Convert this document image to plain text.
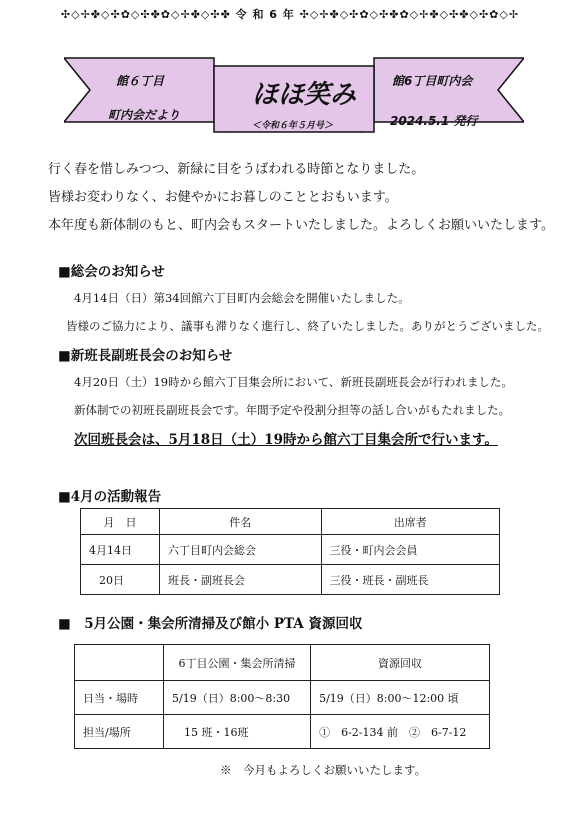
✣◇✢✤◇✣✿◇✣✤✿◇✢✤◇✣✤ 令 和 6 年 ✣◇✢✤◇✣✿◇✣✤✿◇✢✤◇✣✤◇✣✿◇✢
館６丁目
町内会だより
ほほ笑み
＜令和６年５月号＞
館6丁目町内会
2024.5.1 発行
行く春を惜しみつつ、新緑に目をうばわれる時節となりました。
皆様お変わりなく、お健やかにお暮しのこととおもいます。
本年度も新体制のもと、町内会もスタートいたしました。よろしくお願いいたします。
■総会のお知らせ
4月14日（日）第34回館六丁目町内会総会を開催いたしました。
皆様のご協力により、議事も滞りなく進行し、終了いたしました。ありがとうございました。
■新班長副班長会のお知らせ
4月20日（土）19時から館六丁目集会所において、新班長副班長会が行われました。
新体制での初班長副班長会です。年間予定や役割分担等の話し合いがもたれました。
次回班長会は、5月18日（土）19時から館六丁目集会所で行います。
■4月の活動報告
月　日	件名	出席者
4月14日	六丁目町内会総会	三役・町内会会員
20日	班長・副班長会	三役・班長・副班長
■　5月公園・集会所清掃及び館小 PTA 資源回収
	6丁目公園・集会所清掃	資源回収
日当・場時	5/19（日）8:00～8:30	5/19（日）8:00～12:00 頃
担当/場所	15 班・16班	①　6-2-134 前　②　6-7-12
※　今月もよろしくお願いいたします。
